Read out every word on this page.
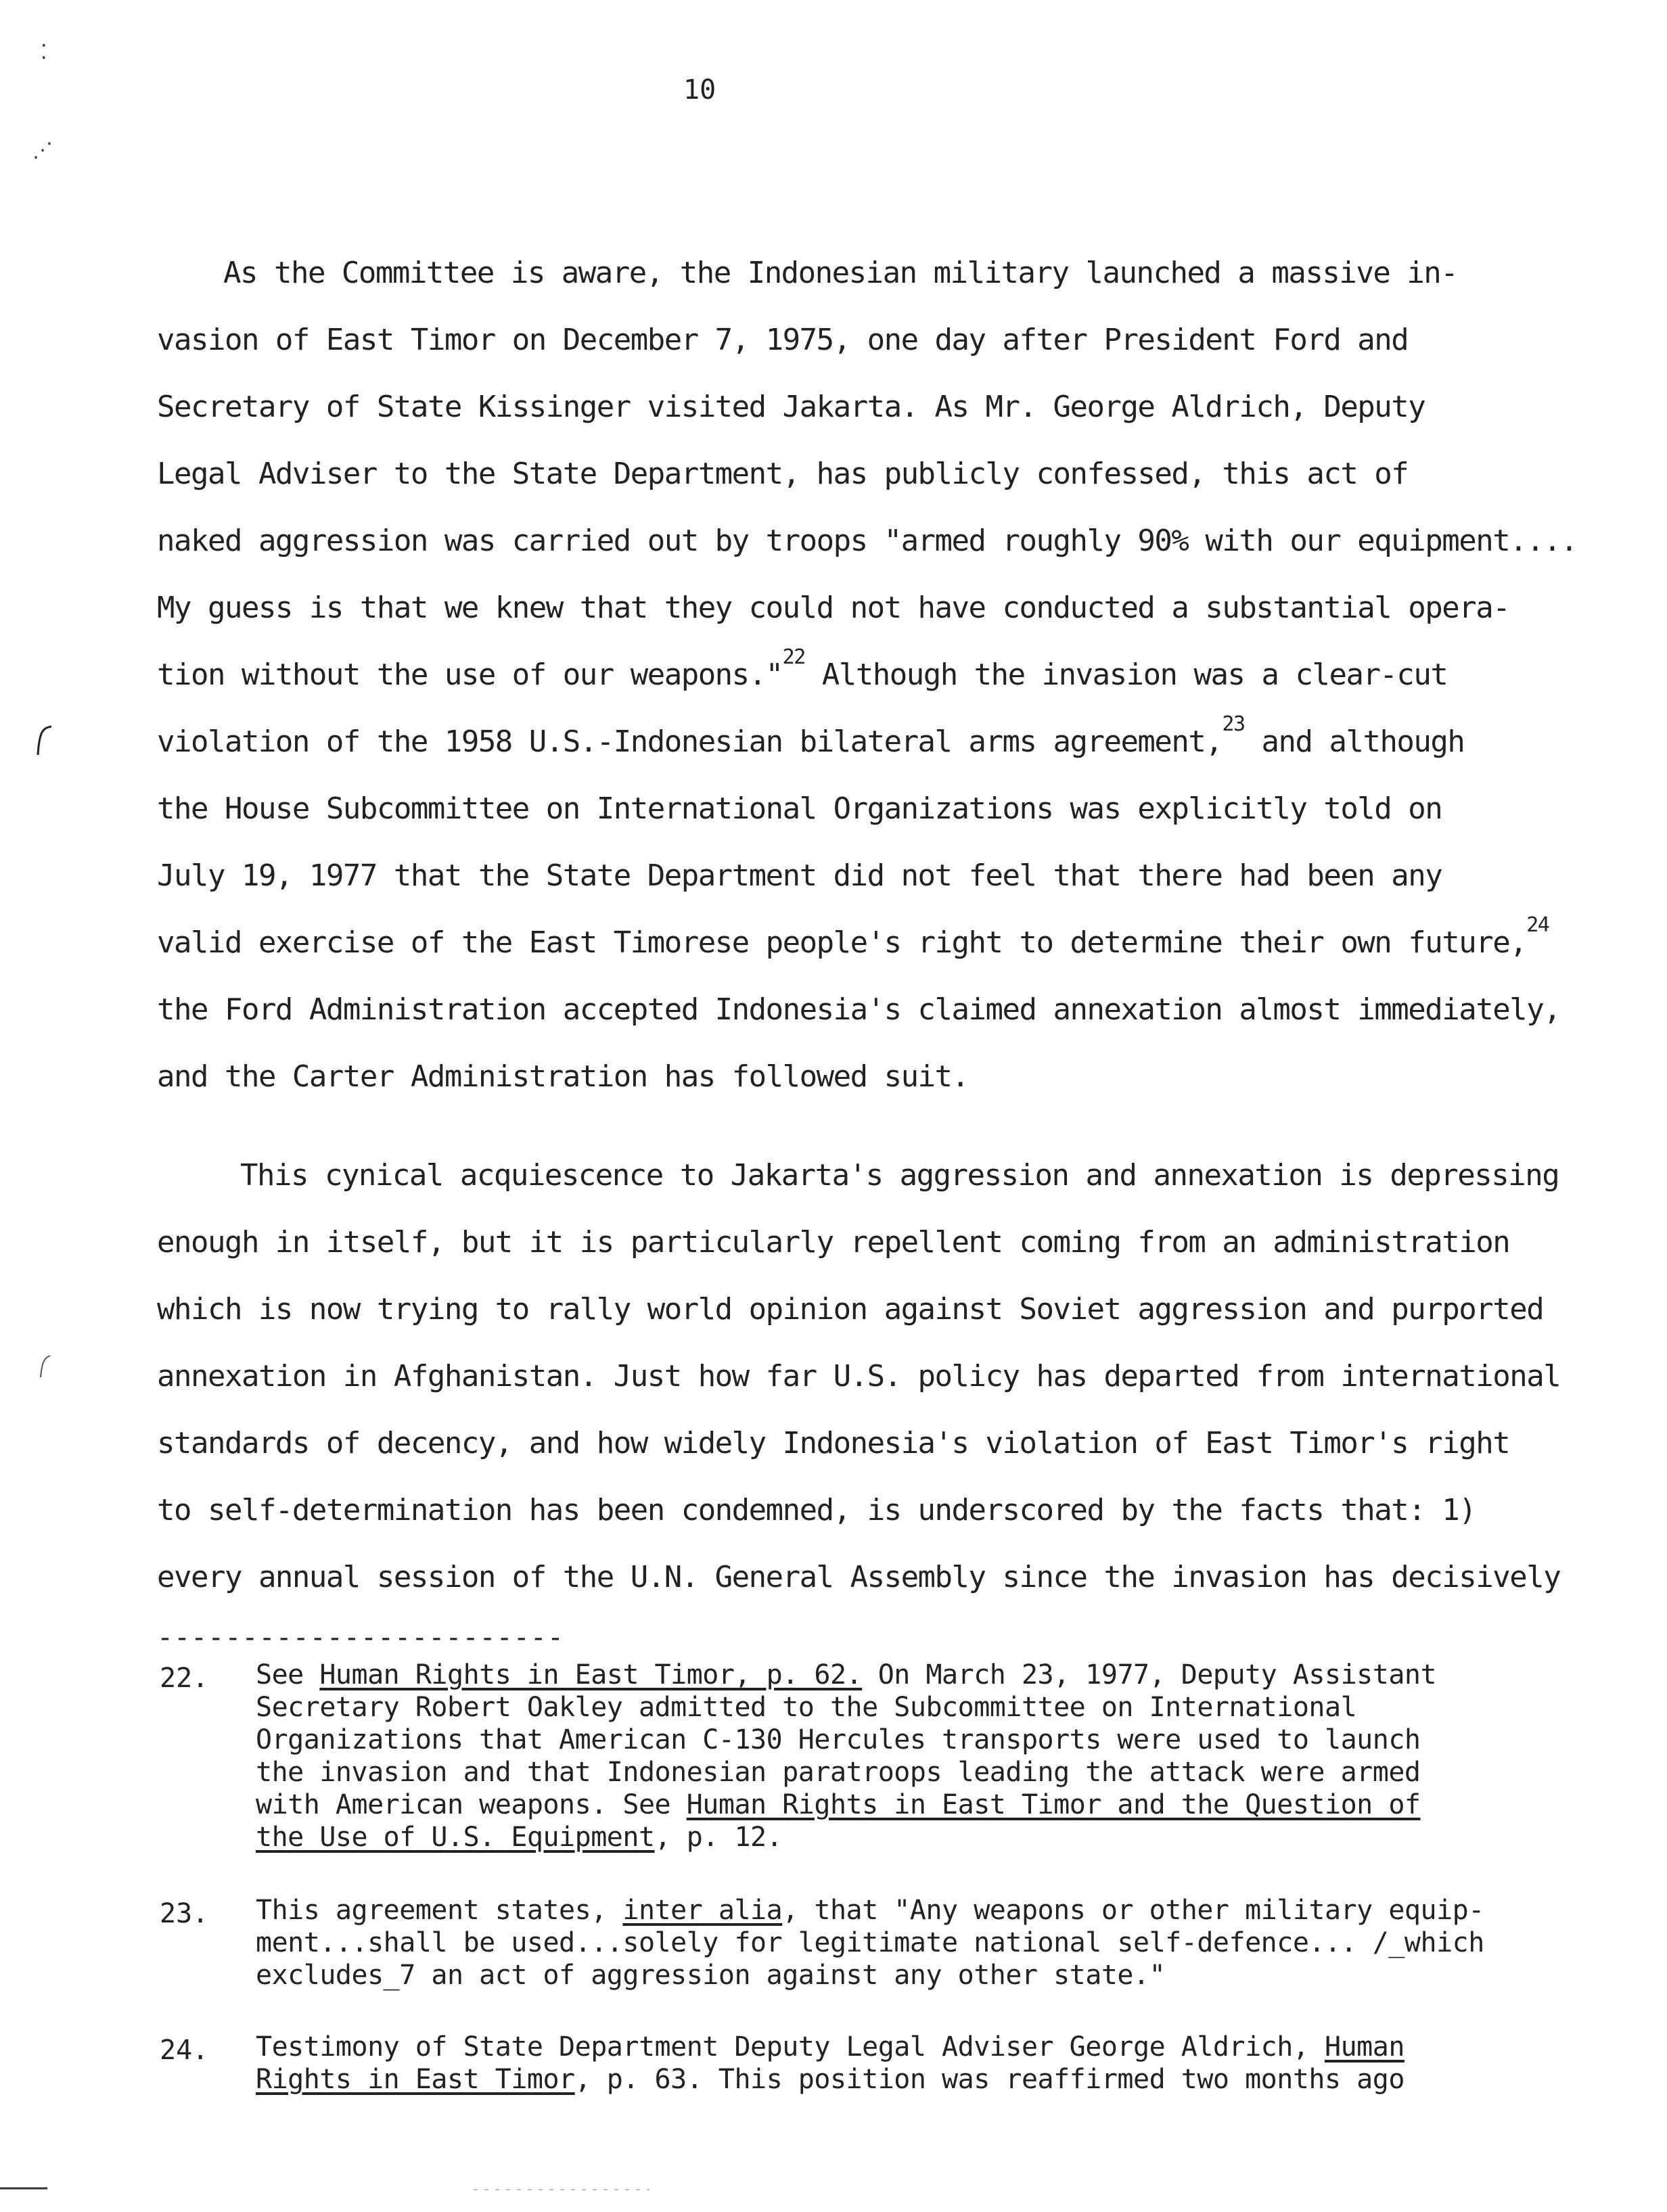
⁚
⋰
10
As the Committee is aware, the Indonesian military launched a massive in-
vasion of East Timor on December 7, 1975, one day after President Ford and
Secretary of State Kissinger visited Jakarta. As Mr. George Aldrich, Deputy
Legal Adviser to the State Department, has publicly confessed, this act of
naked aggression was carried out by troops "armed roughly 90% with our equipment....
My guess is that we knew that they could not have conducted a substantial opera-
tion without the use of our weapons."$^{22}$ Although the invasion was a clear-cut
violation of the 1958 U.S.-Indonesian bilateral arms agreement,$^{23}$ and although
the House Subcommittee on International Organizations was explicitly told on
July 19, 1977 that the State Department did not feel that there had been any
valid exercise of the East Timorese people's right to determine their own future,$^{24}$
the Ford Administration accepted Indonesia's claimed annexation almost immediately,
and the Carter Administration has followed suit.
This cynical acquiescence to Jakarta's aggression and annexation is depressing
enough in itself, but it is particularly repellent coming from an administration
which is now trying to rally world opinion against Soviet aggression and purported
annexation in Afghanistan. Just how far U.S. policy has departed from international
standards of decency, and how widely Indonesia's violation of East Timor's right
to self-determination has been condemned, is underscored by the facts that: 1)
every annual session of the U.N. General Assembly since the invasion has decisively
------------------------
22. See Human Rights in East Timor, p. 62. On March 23, 1977, Deputy Assistant
Secretary Robert Oakley admitted to the Subcommittee on International
Organizations that American C-130 Hercules transports were used to launch
the invasion and that Indonesian paratroops leading the attack were armed
with American weapons. See Human Rights in East Timor and the Question of
the Use of U.S. Equipment, p. 12.
23. This agreement states, inter alia, that "Any weapons or other military equip-
ment...shall be used...solely for legitimate national self-defence... /_which
excludes_7 an act of aggression against any other state."
24. Testimony of State Department Deputy Legal Adviser George Aldrich, Human
Rights in East Timor, p. 63. This position was reaffirmed two months ago
